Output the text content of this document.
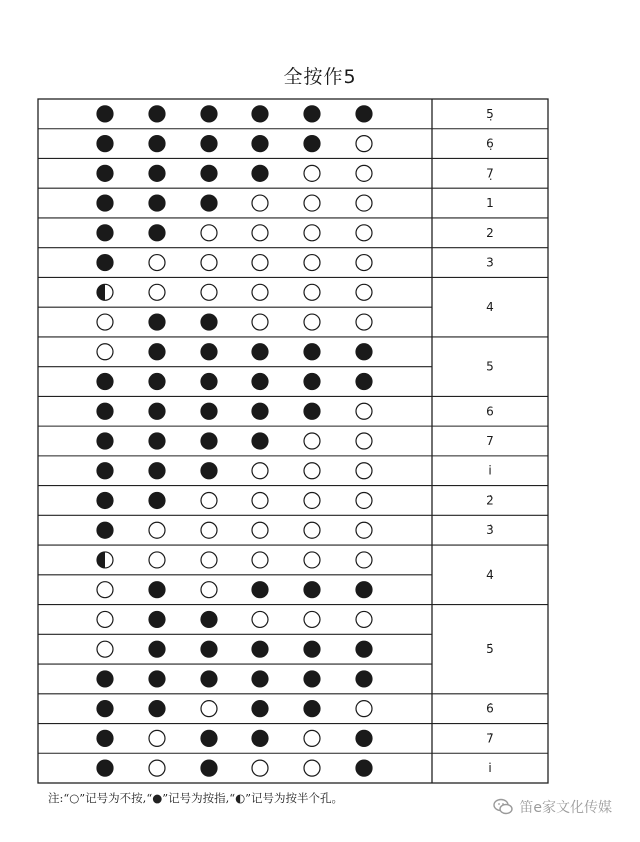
全按作5
5̣
6̣
7̣
1
2
3
4
5
6
7
i
2̇
3̇
4̇
5̇
6̇
7̇
i̇
注:“○”记号为不按,“●”记号为按指,“◐”记号为按半个孔。
笛e家文化传媒
